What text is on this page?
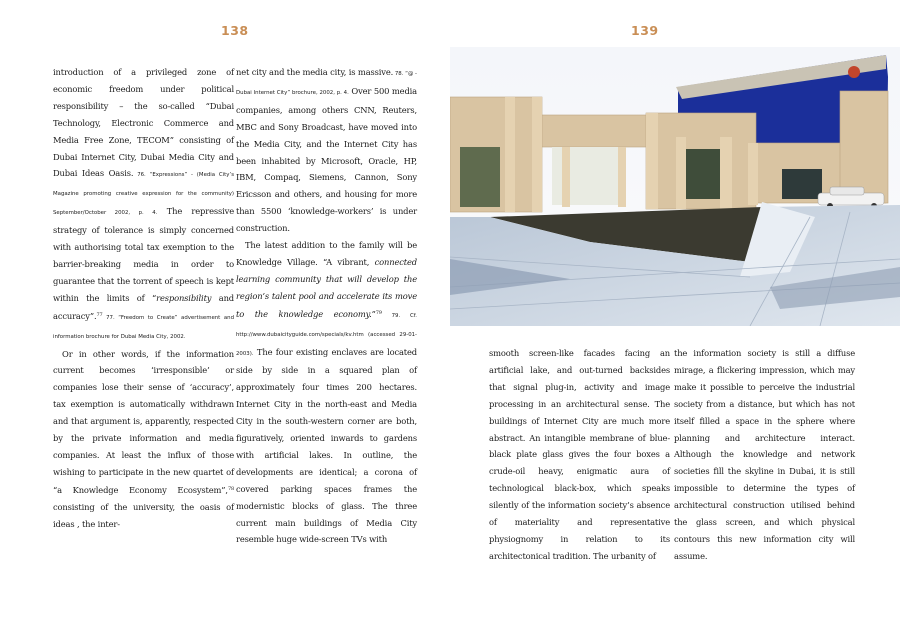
138

introduction of a privileged zone of economic freedom under political responsibility – the so-called “Dubai Technology, Electronic Commerce and Media Free Zone, TECOM” consisting of Dubai Internet City, Dubai Media City and Dubai Ideas Oasis. 76. “Expressions” - (Media City’s Magazine promoting creative expression for the community) September/October 2002, p. 4. The repressive strategy of tolerance is simply concerned with authorising total tax exemption to the barrier-breaking media in order to guarantee that the torrent of speech is kept within the limits of “responsibility and accuracy”.$^{77}$ 77. “Freedom to Create” advertisement and information brochure for Dubai Media City, 2002.

Or in other words, if the information current becomes ‘irresponsible’ or companies lose their sense of ‘accuracy’, tax exemption is automatically withdrawn and that argument is, apparently, respected by the private information and media companies. At least the influx of those wishing to participate in the new quartet of “a Knowledge Economy Ecosystem”,$^{78}$ consisting of the university, the oasis of ideas , the inter-

net city and the media city, is massive. 78. “@ - Dubai Internet City” brochure, 2002, p. 4. Over 500 media companies, among others CNN, Reuters, MBC and Sony Broadcast, have moved into the Media City, and the Internet City has been inhabited by Microsoft, Oracle, HP, IBM, Compaq, Siemens, Cannon, Sony Ericsson and others, and housing for more than 5500 ‘knowledge-workers’ is under construction.

The latest addition to the family will be Knowledge Village. “A vibrant, connected learning community that will develop the region’s talent pool and accelerate its move to the knowledge economy.”$^{79}$ 79. Cf. http://www.dubaicityguide.com/specials/kv.htm (accessed 29-01-2003). The four existing enclaves are located side by side in a squared plan of approximately four times 200 hectares. Internet City in the north-east and Media City in the south-western corner are both, figuratively, oriented inwards to gardens with artificial lakes. In outline, the developments are identical; a corona of covered parking spaces frames the modernistic blocks of glass. The three current main buildings of Media City resemble huge wide-screen TVs with

139

smooth screen-like facades facing an artificial lake, and out-turned backsides that signal plug-in, activity and image processing in an architectural sense. The buildings of Internet City are much more abstract. An intangible membrane of blue-black plate glass gives the four boxes a crude-oil heavy, enigmatic aura of technological black-box, which speaks silently of the information society’s absence of materiality and representative physiognomy in relation to its architectonical tradition. The urbanity of

the information society is still a diffuse mirage, a flickering impression, which may make it possible to perceive the industrial society from a distance, but which has not itself filled a space in the sphere where planning and architecture interact. Although the knowledge and network societies fill the skyline in Dubai, it is still impossible to determine the types of architectural construction utilised behind the glass screen, and which physical contours this new information city will assume.
